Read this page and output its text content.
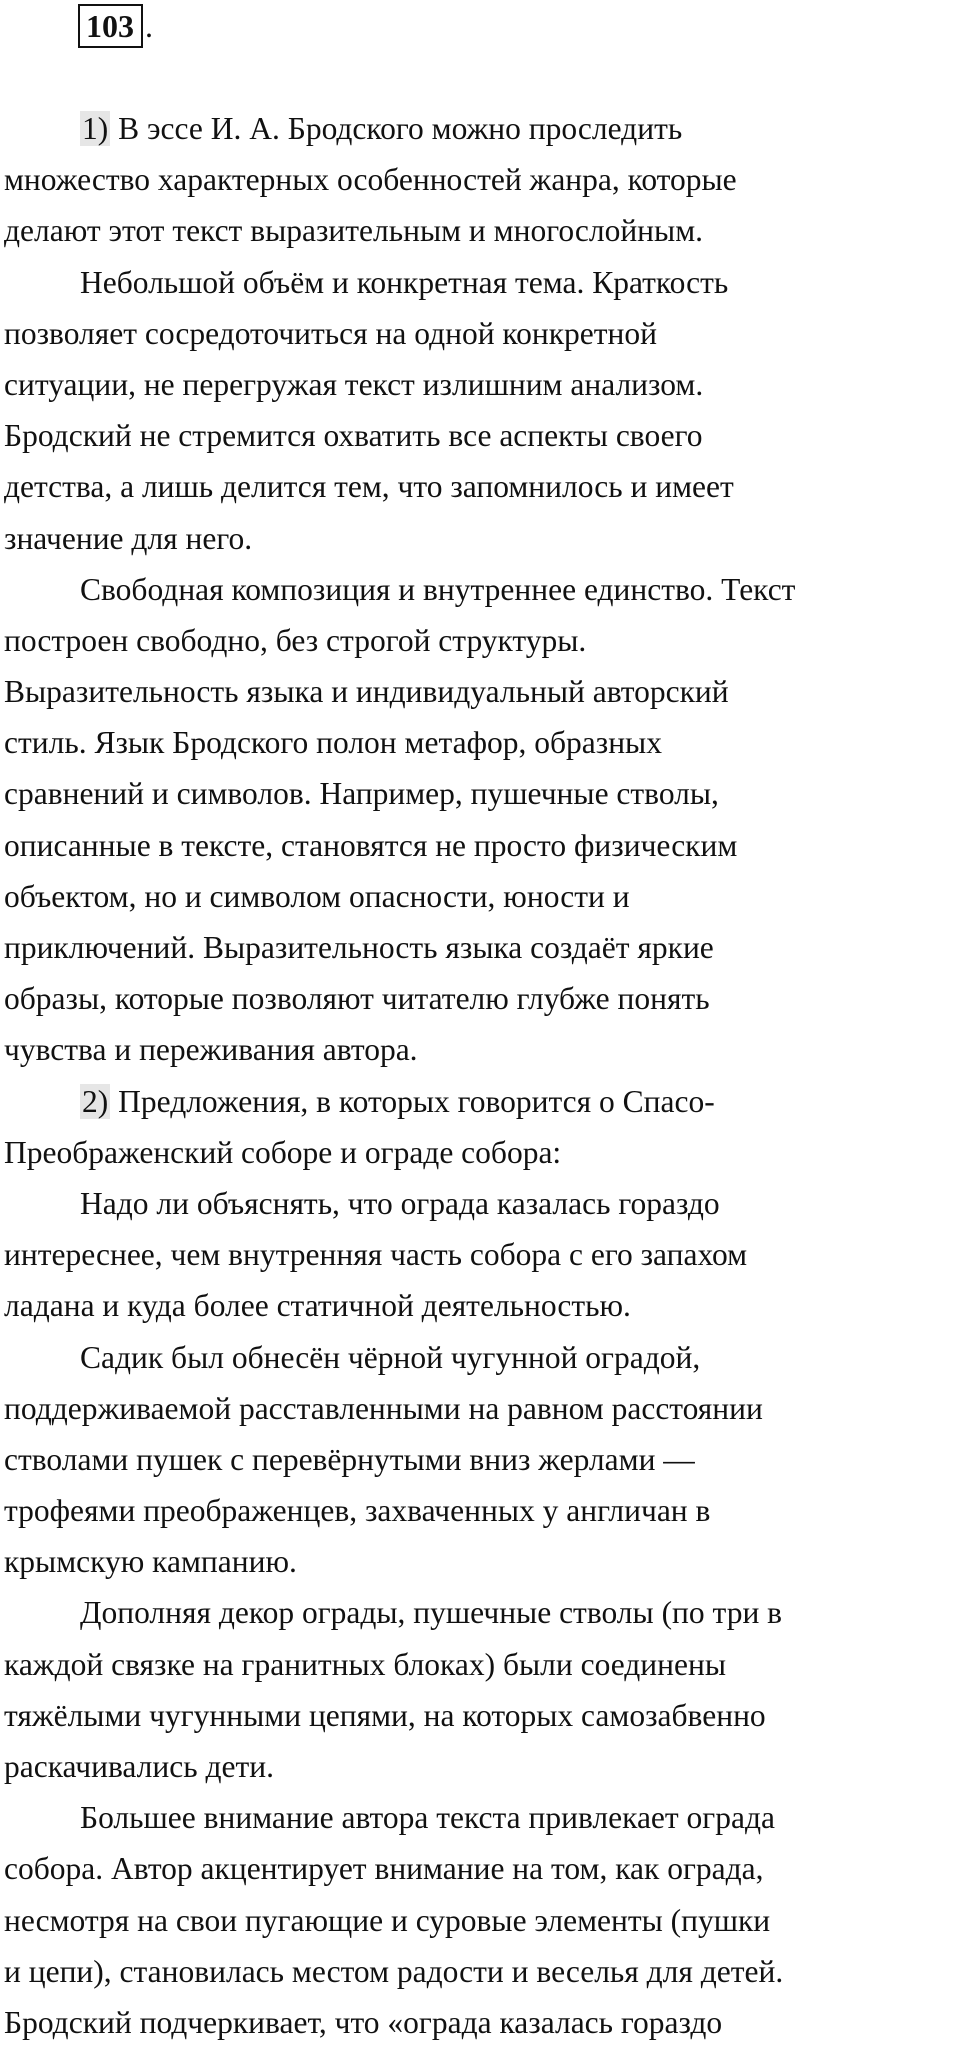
103 .
1) В эссе И. А. Бродского можно проследить
множество характерных особенностей жанра, которые
делают этот текст выразительным и многослойным.
Небольшой объём и конкретная тема. Краткость
позволяет сосредоточиться на одной конкретной
ситуации, не перегружая текст излишним анализом.
Бродский не стремится охватить все аспекты своего
детства, а лишь делится тем, что запомнилось и имеет
значение для него.
Свободная композиция и внутреннее единство. Текст
построен свободно, без строгой структуры.
Выразительность языка и индивидуальный авторский
стиль. Язык Бродского полон метафор, образных
сравнений и символов. Например, пушечные стволы,
описанные в тексте, становятся не просто физическим
объектом, но и символом опасности, юности и
приключений. Выразительность языка создаёт яркие
образы, которые позволяют читателю глубже понять
чувства и переживания автора.
2) Предложения, в которых говорится о Спасо-
Преображенский соборе и ограде собора:
Надо ли объяснять, что ограда казалась гораздо
интереснее, чем внутренняя часть собора с его запахом
ладана и куда более статичной деятельностью.
Садик был обнесён чёрной чугунной оградой,
поддерживаемой расставленными на равном расстоянии
стволами пушек с перевёрнутыми вниз жерлами —
трофеями преображенцев, захваченных у англичан в
крымскую кампанию.
Дополняя декор ограды, пушечные стволы (по три в
каждой связке на гранитных блоках) были соединены
тяжёлыми чугунными цепями, на которых самозабвенно
раскачивались дети.
Большее внимание автора текста привлекает ограда
собора. Автор акцентирует внимание на том, как ограда,
несмотря на свои пугающие и суровые элементы (пушки
и цепи), становилась местом радости и веселья для детей.
Бродский подчеркивает, что «ограда казалась гораздо
